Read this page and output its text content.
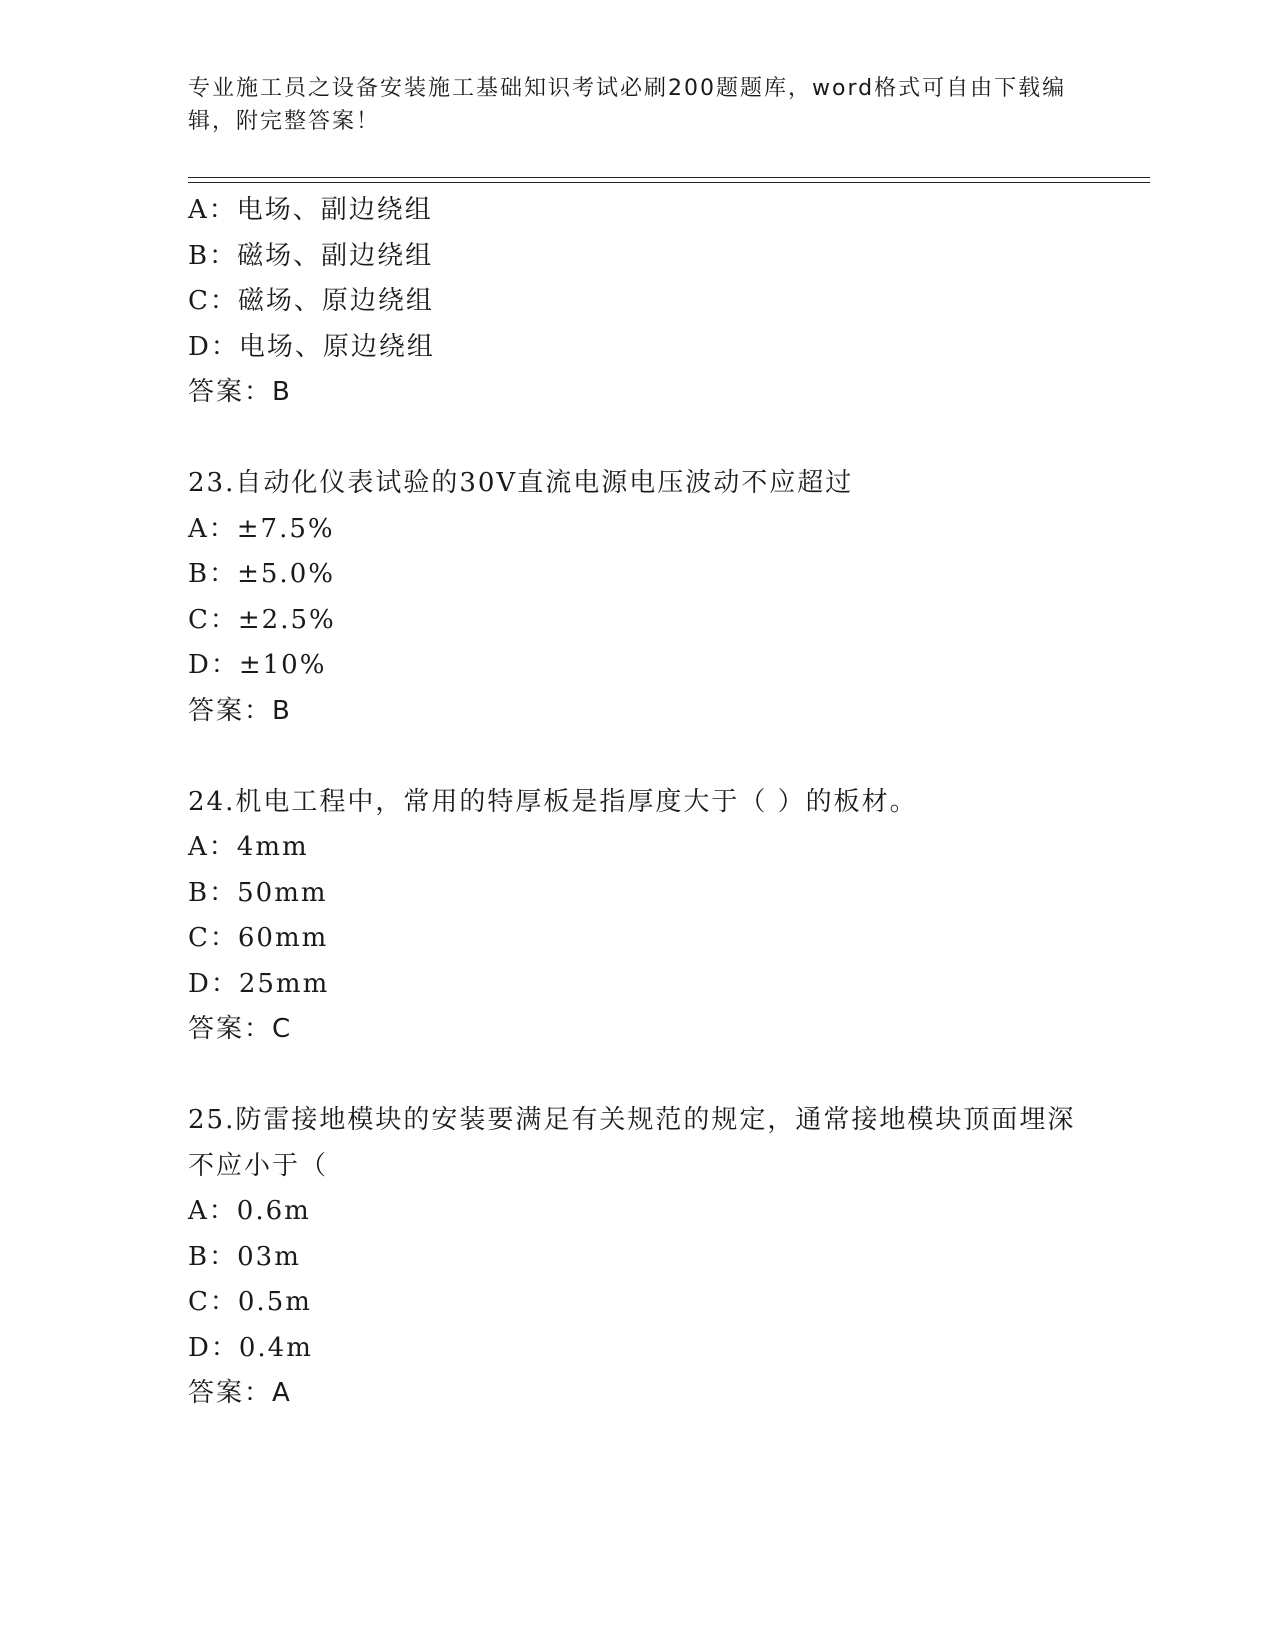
专业施工员之设备安装施工基础知识考试必刷200题题库，word格式可自由下载编辑，附完整答案！
A：电场、副边绕组
B：磁场、副边绕组
C：磁场、原边绕组
D：电场、原边绕组
答案：B
23.自动化仪表试验的30V直流电源电压波动不应超过
A：±7.5%
B：±5.0%
C：±2.5%
D：±10%
答案：B
24.机电工程中，常用的特厚板是指厚度大于（ ）的板材。
A：4mm
B：50mm
C：60mm
D：25mm
答案：C
25.防雷接地模块的安装要满足有关规范的规定，通常接地模块顶面埋深不应小于（
A：0.6m
B：03m
C：0.5m
D：0.4m
答案：A
